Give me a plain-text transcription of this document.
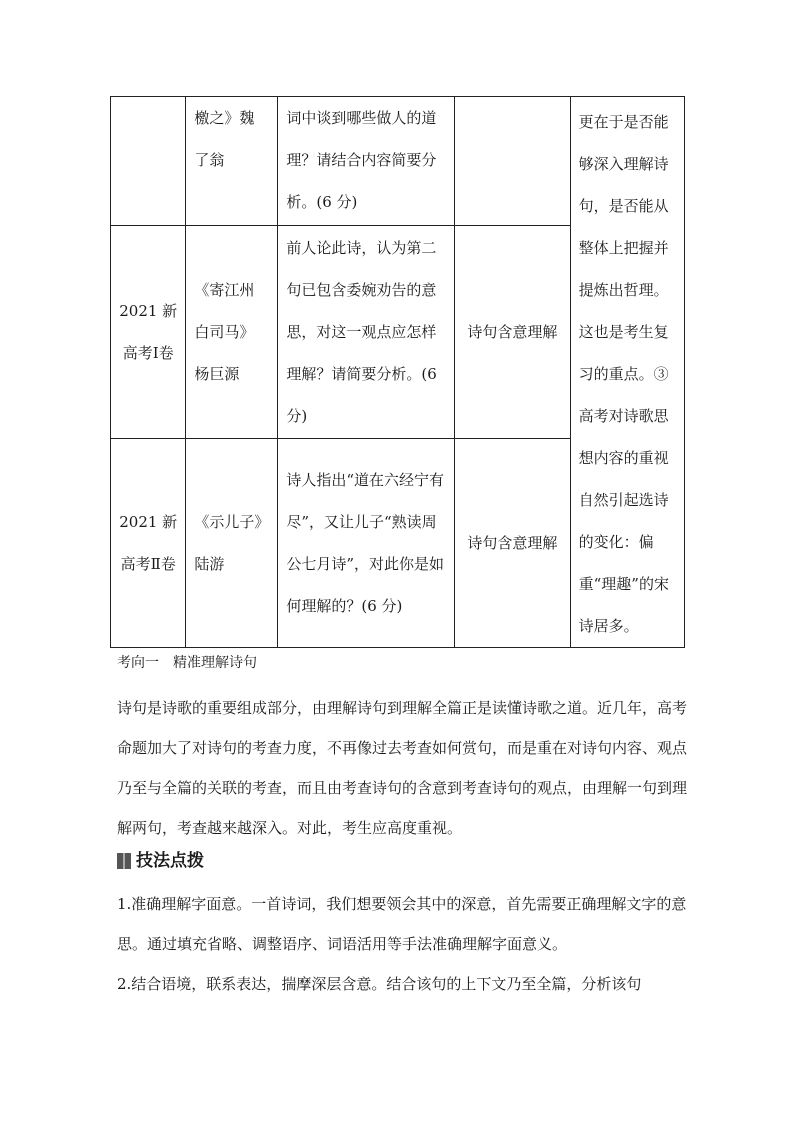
	檄之》魏了翁	词中谈到哪些做人的道理？请结合内容简要分析。(6 分)		更在于是否能够深入理解诗句，是否能从整体上把握并提炼出哲理。这也是考生复习的重点。③高考对诗歌思想内容的重视自然引起选诗的变化：偏重“理趣”的宋诗居多。
2021 新高考Ⅰ卷	《寄江州白司马》杨巨源	前人论此诗，认为第二句已包含委婉劝告的意思，对这一观点应怎样理解？请简要分析。(6 分)	诗句含意理解	
2021 新高考Ⅱ卷	《示儿子》陆游	诗人指出“道在六经宁有尽”，又让儿子“熟读周公七月诗”，对此你是如何理解的？(6 分)	诗句含意理解	
考向一 精准理解诗句
诗句是诗歌的重要组成部分，由理解诗句到理解全篇正是读懂诗歌之道。近几年，高考命题加大了对诗句的考查力度，不再像过去考查如何赏句，而是重在对诗句内容、观点乃至与全篇的关联的考查，而且由考查诗句的含意到考查诗句的观点，由理解一句到理解两句，考查越来越深入。对此，考生应高度重视。
技法点拨
1.准确理解字面意。一首诗词，我们想要领会其中的深意，首先需要正确理解文字的意思。通过填充省略、调整语序、词语活用等手法准确理解字面意义。
2.结合语境，联系表达，揣摩深层含意。结合该句的上下文乃至全篇，分析该句
